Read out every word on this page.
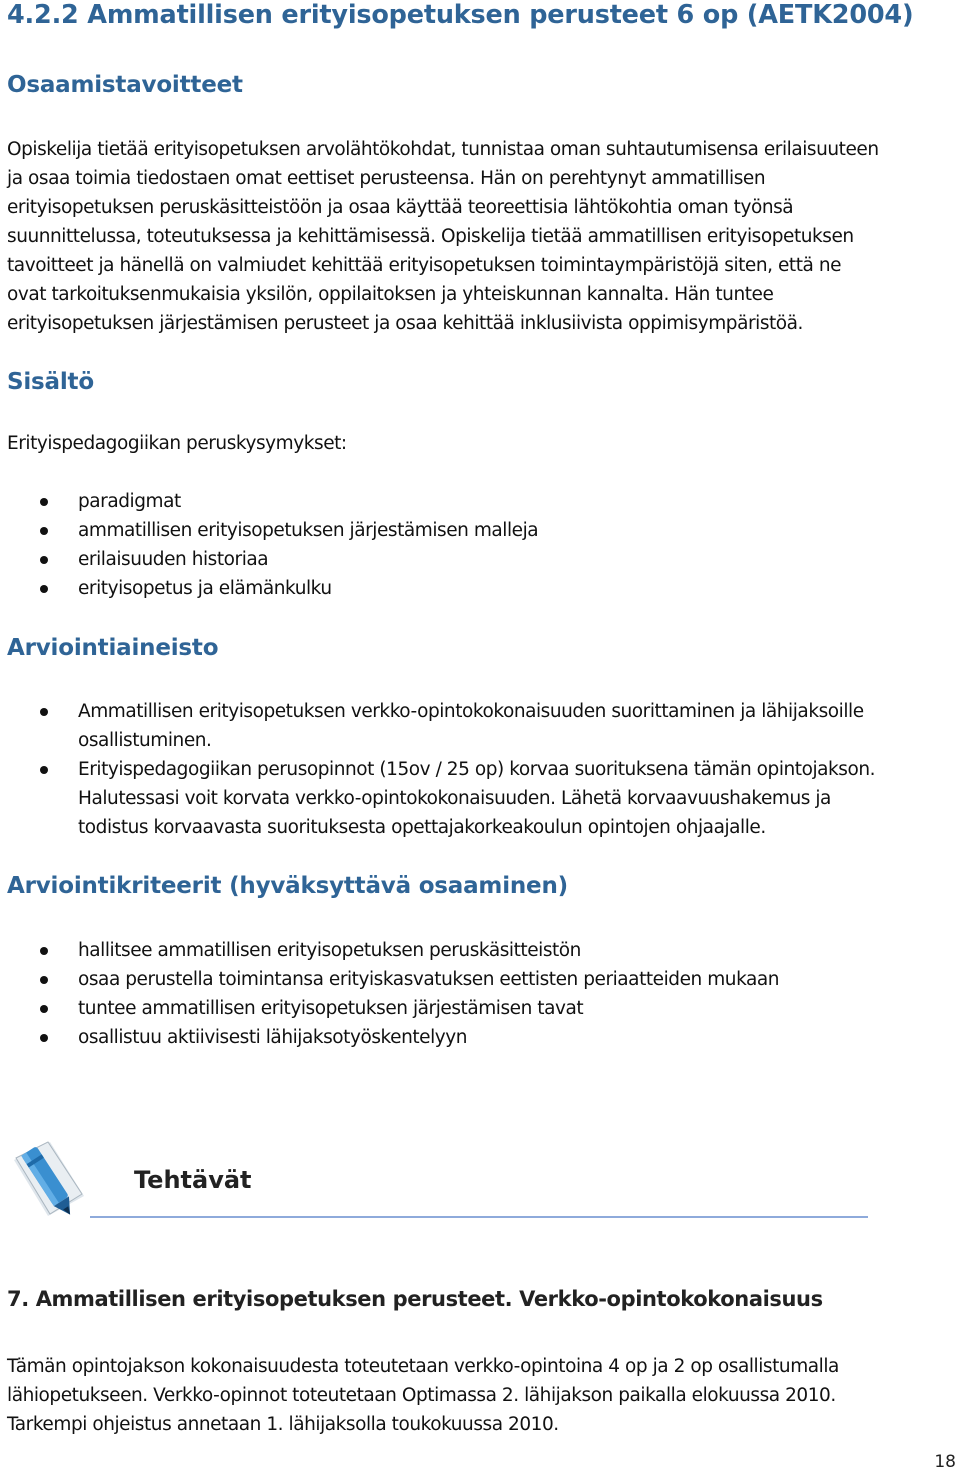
4.2.2 Ammatillisen erityisopetuksen perusteet 6 op (AETK2004)
Osaamistavoitteet
Opiskelija tietää erityisopetuksen arvolähtökohdat, tunnistaa oman suhtautumisensa erilaisuuteen
ja osaa toimia tiedostaen omat eettiset perusteensa. Hän on perehtynyt ammatillisen
erityisopetuksen peruskäsitteistöön ja osaa käyttää teoreettisia lähtökohtia oman työnsä
suunnittelussa, toteutuksessa ja kehittämisessä. Opiskelija tietää ammatillisen erityisopetuksen
tavoitteet ja hänellä on valmiudet kehittää erityisopetuksen toimintaympäristöjä siten, että ne
ovat tarkoituksenmukaisia yksilön, oppilaitoksen ja yhteiskunnan kannalta. Hän tuntee
erityisopetuksen järjestämisen perusteet ja osaa kehittää inklusiivista oppimisympäristöä.
Sisältö
Erityispedagogiikan peruskysymykset:
paradigmat
ammatillisen erityisopetuksen järjestämisen malleja
erilaisuuden historiaa
erityisopetus ja elämänkulku
Arviointiaineisto
Ammatillisen erityisopetuksen verkko-opintokokonaisuuden suorittaminen ja lähijaksoille
osallistuminen.
Erityispedagogiikan perusopinnot (15ov / 25 op) korvaa suorituksena tämän opintojakson.
Halutessasi voit korvata verkko-opintokokonaisuuden. Lähetä korvaavuushakemus ja
todistus korvaavasta suorituksesta opettajakorkeakoulun opintojen ohjaajalle.
Arviointikriteerit (hyväksyttävä osaaminen)
hallitsee ammatillisen erityisopetuksen peruskäsitteistön
osaa perustella toimintansa erityiskasvatuksen eettisten periaatteiden mukaan
tuntee ammatillisen erityisopetuksen järjestämisen tavat
osallistuu aktiivisesti lähijaksotyöskentelyyn
Tehtävät
7. Ammatillisen erityisopetuksen perusteet. Verkko-opintokokonaisuus
Tämän opintojakson kokonaisuudesta toteutetaan verkko-opintoina 4 op ja 2 op osallistumalla
lähiopetukseen. Verkko-opinnot toteutetaan Optimassa 2. lähijakson paikalla elokuussa 2010.
Tarkempi ohjeistus annetaan 1. lähijaksolla toukokuussa 2010.
18
